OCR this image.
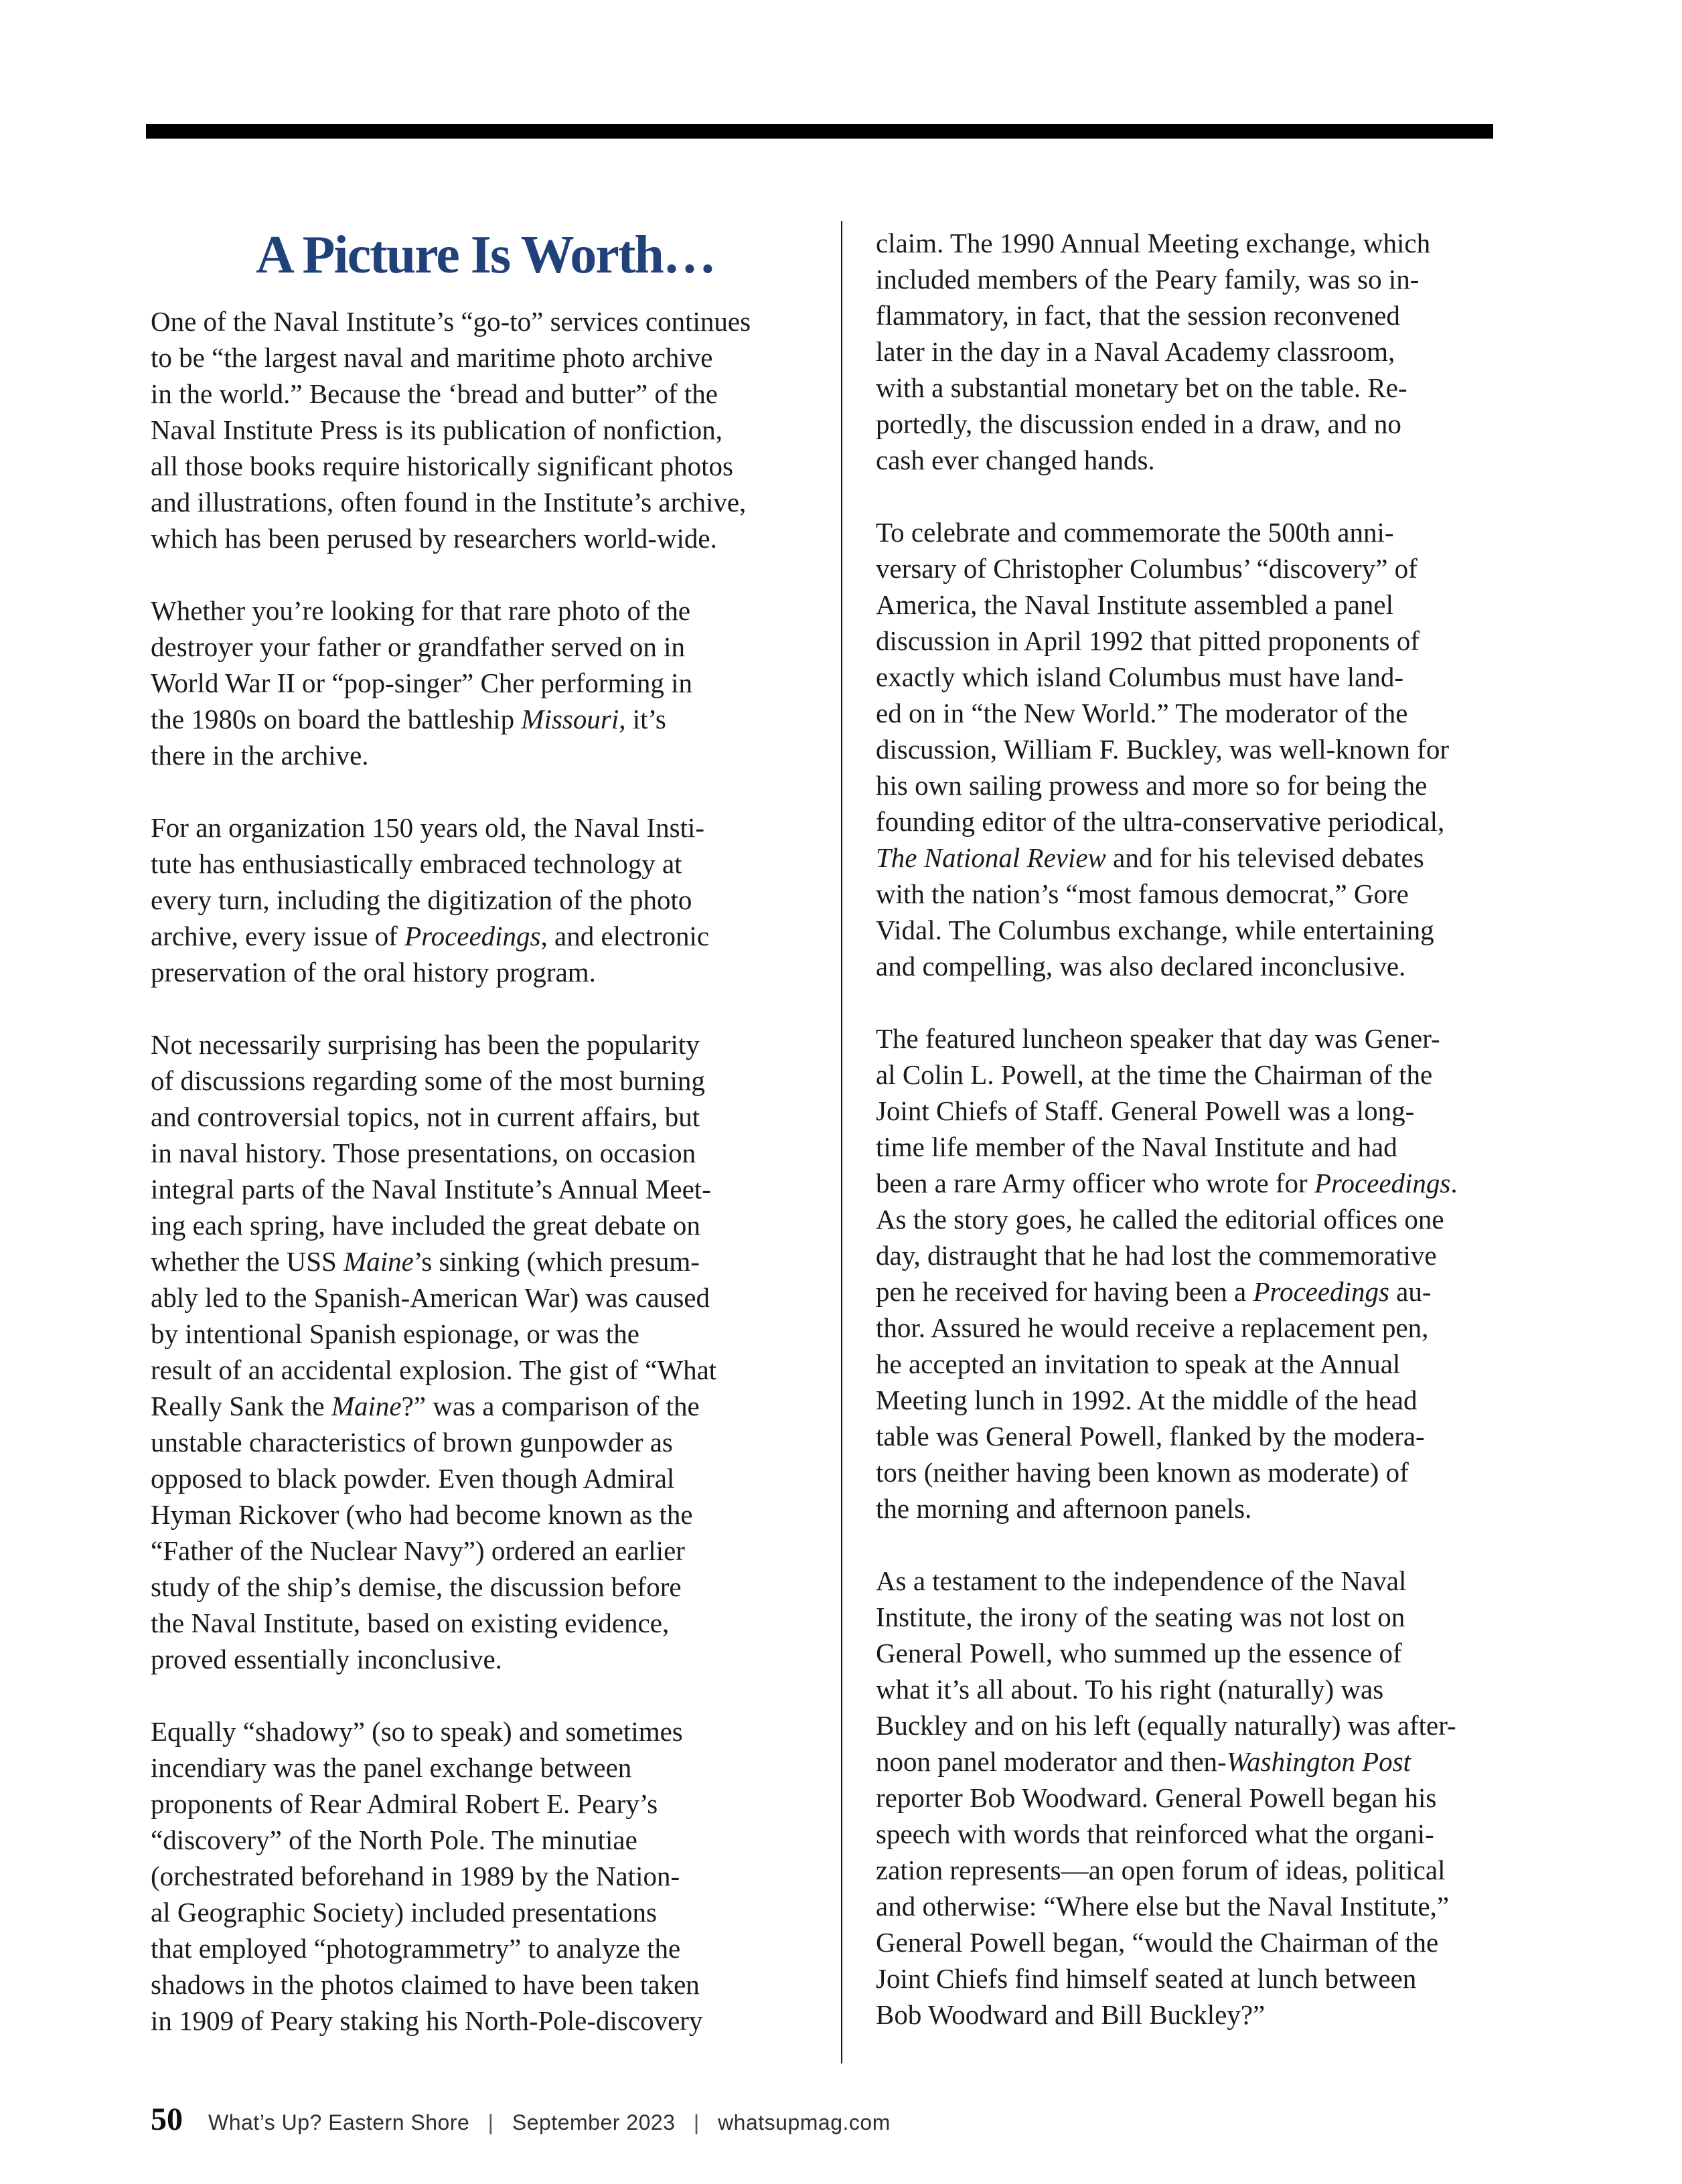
A Picture Is Worth…
One of the Naval Institute’s “go-to” services continues
to be “the largest naval and maritime photo archive
in the world.” Because the ‘bread and butter” of the
Naval Institute Press is its publication of nonfiction,
all those books require historically significant photos
and illustrations, often found in the Institute’s archive,
which has been perused by researchers world-wide.
Whether you’re looking for that rare photo of the
destroyer your father or grandfather served on in
World War II or “pop-singer” Cher performing in
the 1980s on board the battleship Missouri, it’s
there in the archive.
For an organization 150 years old, the Naval Insti-
tute has enthusiastically embraced technology at
every turn, including the digitization of the photo
archive, every issue of Proceedings, and electronic
preservation of the oral history program.
Not necessarily surprising has been the popularity
of discussions regarding some of the most burning
and controversial topics, not in current affairs, but
in naval history. Those presentations, on occasion
integral parts of the Naval Institute’s Annual Meet-
ing each spring, have included the great debate on
whether the USS Maine’s sinking (which presum-
ably led to the Spanish-American War) was caused
by intentional Spanish espionage, or was the
result of an accidental explosion. The gist of “What
Really Sank the Maine?” was a comparison of the
unstable characteristics of brown gunpowder as
opposed to black powder. Even though Admiral
Hyman Rickover (who had become known as the
“Father of the Nuclear Navy”) ordered an earlier
study of the ship’s demise, the discussion before
the Naval Institute, based on existing evidence,
proved essentially inconclusive.
Equally “shadowy” (so to speak) and sometimes
incendiary was the panel exchange between
proponents of Rear Admiral Robert E. Peary’s
“discovery” of the North Pole. The minutiae
(orchestrated beforehand in 1989 by the Nation-
al Geographic Society) included presentations
that employed “photogrammetry” to analyze the
shadows in the photos claimed to have been taken
in 1909 of Peary staking his North-Pole-discovery
claim. The 1990 Annual Meeting exchange, which
included members of the Peary family, was so in-
flammatory, in fact, that the session reconvened
later in the day in a Naval Academy classroom,
with a substantial monetary bet on the table. Re-
portedly, the discussion ended in a draw, and no
cash ever changed hands.
To celebrate and commemorate the 500th anni-
versary of Christopher Columbus’ “discovery” of
America, the Naval Institute assembled a panel
discussion in April 1992 that pitted proponents of
exactly which island Columbus must have land-
ed on in “the New World.” The moderator of the
discussion, William F. Buckley, was well-known for
his own sailing prowess and more so for being the
founding editor of the ultra-conservative periodical,
The National Review and for his televised debates
with the nation’s “most famous democrat,” Gore
Vidal. The Columbus exchange, while entertaining
and compelling, was also declared inconclusive.
The featured luncheon speaker that day was Gener-
al Colin L. Powell, at the time the Chairman of the
Joint Chiefs of Staff. General Powell was a long-
time life member of the Naval Institute and had
been a rare Army officer who wrote for Proceedings.
As the story goes, he called the editorial offices one
day, distraught that he had lost the commemorative
pen he received for having been a Proceedings au-
thor. Assured he would receive a replacement pen,
he accepted an invitation to speak at the Annual
Meeting lunch in 1992. At the middle of the head
table was General Powell, flanked by the modera-
tors (neither having been known as moderate) of
the morning and afternoon panels.
As a testament to the independence of the Naval
Institute, the irony of the seating was not lost on
General Powell, who summed up the essence of
what it’s all about. To his right (naturally) was
Buckley and on his left (equally naturally) was after-
noon panel moderator and then-Washington Post
reporter Bob Woodward. General Powell began his
speech with words that reinforced what the organi-
zation represents—an open forum of ideas, political
and otherwise: “Where else but the Naval Institute,”
General Powell began, “would the Chairman of the
Joint Chiefs find himself seated at lunch between
Bob Woodward and Bill Buckley?”
50 What’s Up? Eastern Shore | September 2023 | whatsupmag.com
